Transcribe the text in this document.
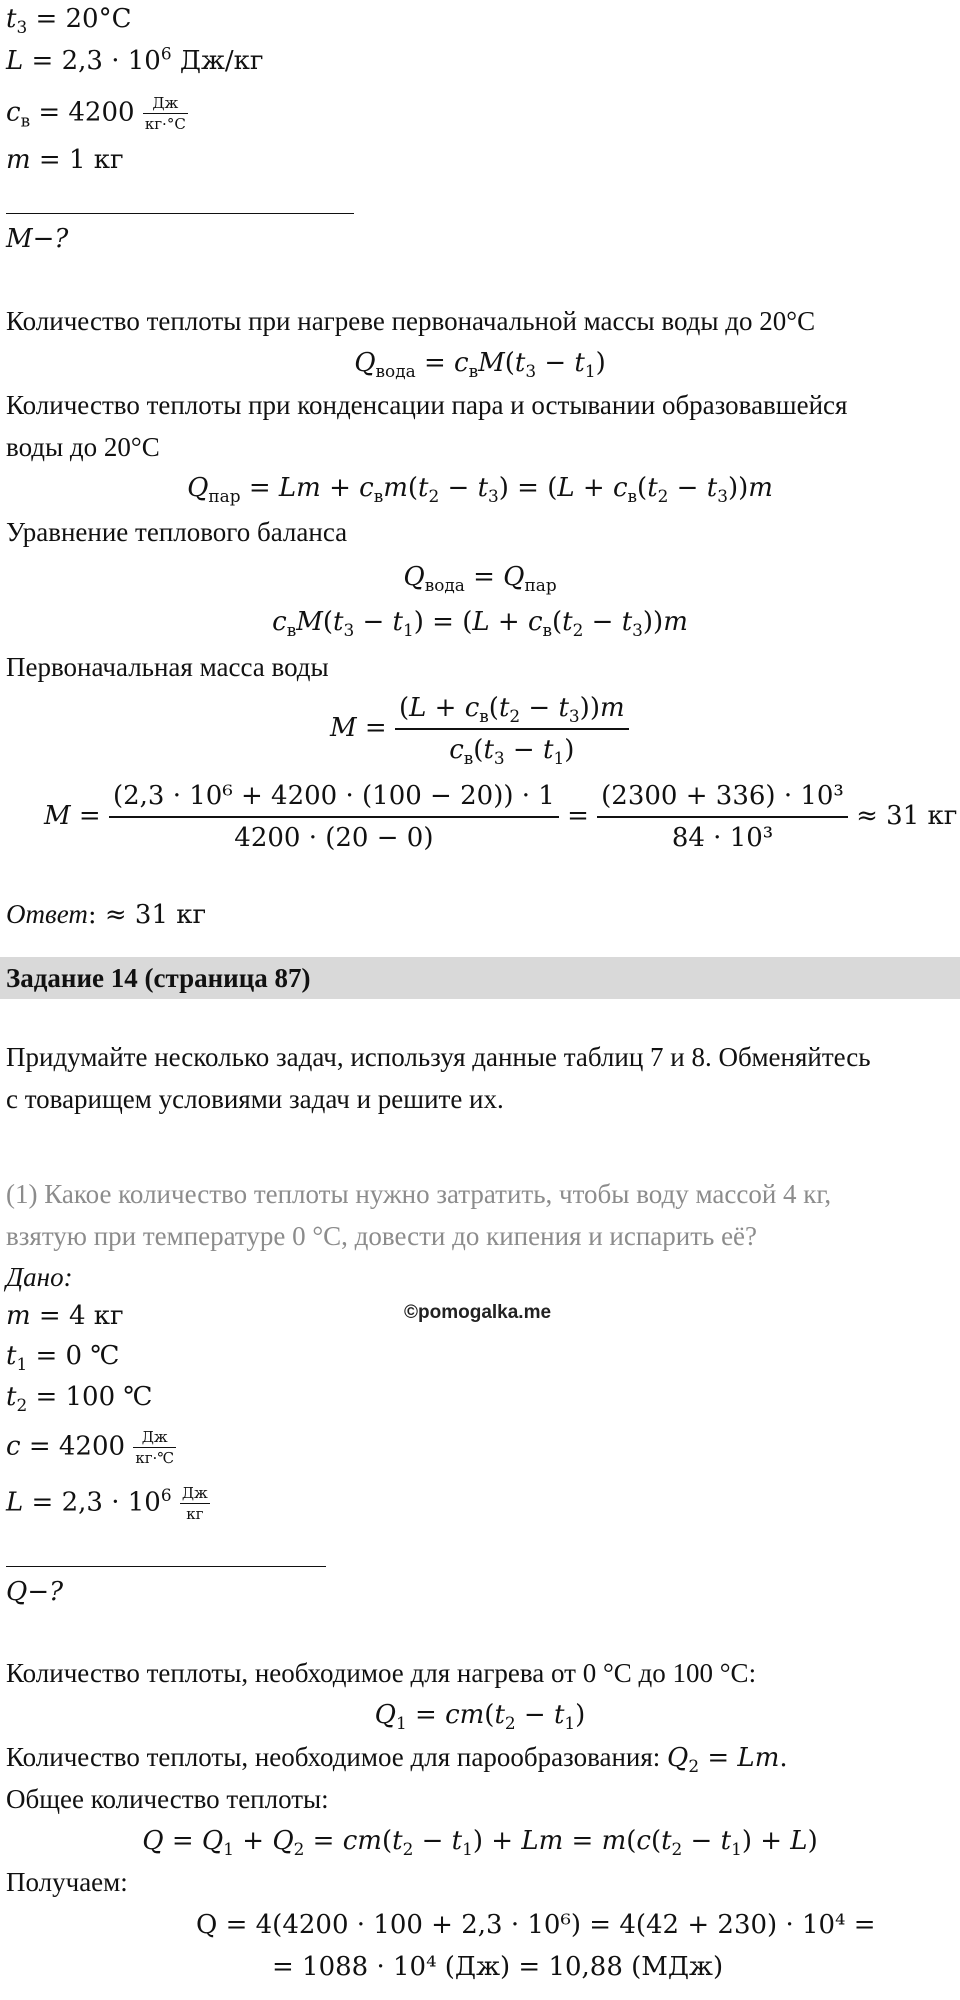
$t_3 = 20^\circ C$
$L = 2,3 \cdot 10^6$ Дж/кг
$c_в = 4200 \frac{Дж}{кг\cdot^\circ C}$
m = 1 кг
M−?
Количество теплоты при нагреве первоначальной массы воды до 20°C
$Q_{вода} = c_вM(t_3 - t_1)$
Количество теплоты при конденсации пара и остывании образовавшейся
воды до 20°C
$Q_{пар} = Lm + c_вm(t_2 - t_3) = (L + c_в(t_2 - t_3))m$
Уравнение теплового баланса
$Q_{вода} = Q_{пар}$
$c_вM(t_3 - t_1) = (L + c_в(t_2 - t_3))m$
Первоначальная масса воды
$M = \frac{(L + c_в(t_2 - t_3))m}{c_в(t_3 - t_1)}$
$M = \frac{\text{(2,3 · 10⁶ + 4200 · (100 − 20)) · 1}}{4200 \cdot (20 - 0)} = \frac{\text{(2300 + 336) · 10³}}{\text{84 · 10³}} \approx 31$ кг
Ответ: ≈ 31 кг
Задание 14 (страница 87)
Придумайте несколько задач, используя данные таблиц 7 и 8. Обменяйтесь
с товарищем условиями задач и решите их.
(1) Какое количество теплоты нужно затратить, чтобы воду массой 4 кг,
взятую при температуре 0 °С, довести до кипения и испарить её?
Дано:
m = 4 кг	©pomogalka.me
$t_1 = 0$ ℃
$t_2 = 100$ ℃
$c = 4200 \frac{Дж}{кг\cdot℃}$
$L = 2,3 \cdot 10^6 \frac{Дж}{кг}$
Q−?
Количество теплоты, необходимое для нагрева от 0 °С до 100 °С:
$Q_1 = cm(t_2 - t_1)$
Количество теплоты, необходимое для парообразования: $Q_2 = Lm$.
Общее количество теплоты:
$Q = Q_1 + Q_2 = cm(t_2 - t_1) + Lm = m(c(t_2 - t_1) + L)$
Получаем:
Q = 4(4200 · 100 + 2,3 · 10⁶) = 4(42 + 230) · 10⁴ =
= 1088 · 10⁴ (Дж) = 10,88 (МДж)
